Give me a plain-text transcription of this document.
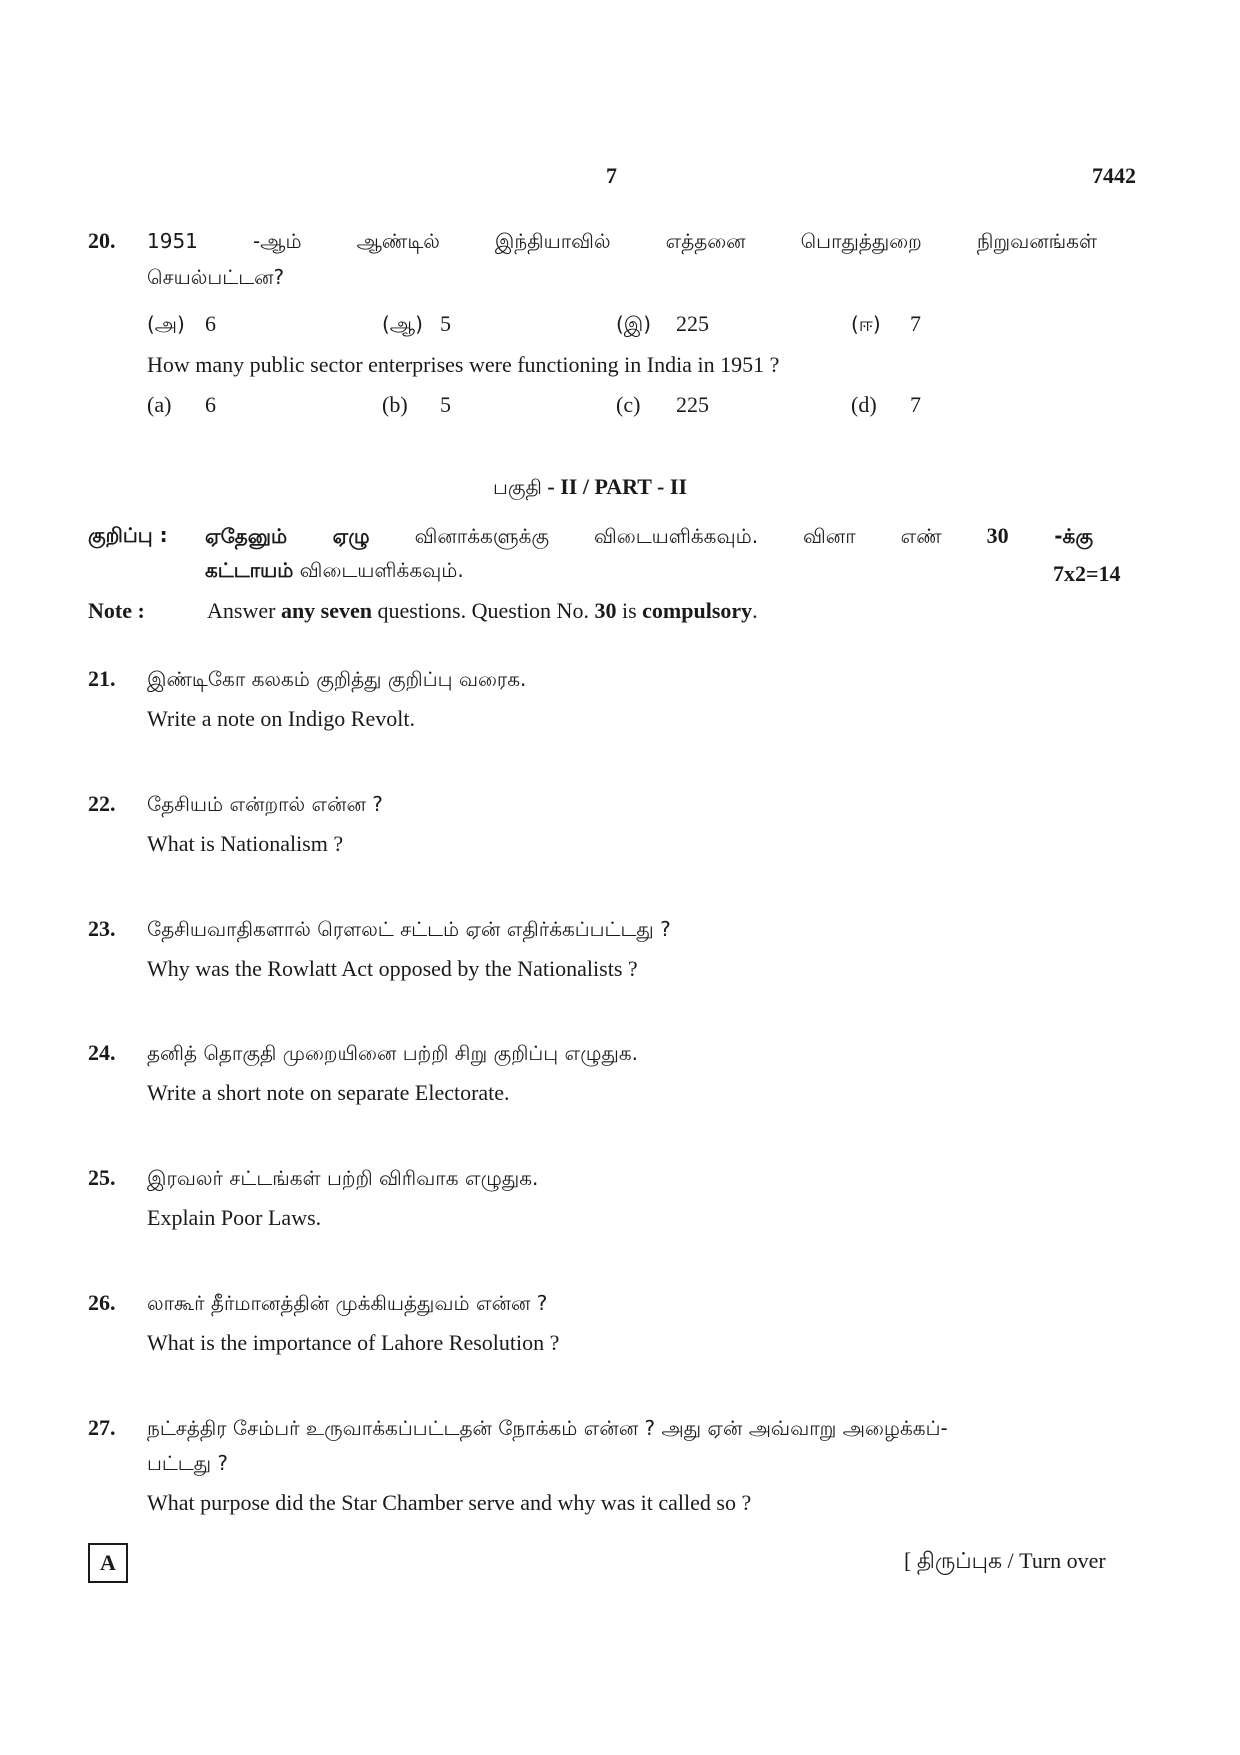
7	7442
20. 1951 -ஆம் ஆண்டில் இந்தியாவில் எத்தனை பொதுத்துறை நிறுவனங்கள்
செயல்பட்டன?
(அ) 6	(ஆ) 5	(இ) 225	(ஈ) 7
How many public sector enterprises were functioning in India in 1951 ?
(a) 6	(b) 5	(c) 225	(d) 7
பகுதி - II / PART - II
குறிப்பு : ஏதேனும் ஏழு வினாக்களுக்கு விடையளிக்கவும். வினா எண் 30 -க்கு
கட்டாயம் விடையளிக்கவும்.	7x2=14
Note :	Answer any seven questions. Question No. 30 is compulsory.
21. இண்டிகோ கலகம் குறித்து குறிப்பு வரைக.
Write a note on Indigo Revolt.
22. தேசியம் என்றால் என்ன ?
What is Nationalism ?
23. தேசியவாதிகளால் ரௌலட் சட்டம் ஏன் எதிர்க்கப்பட்டது ?
Why was the Rowlatt Act opposed by the Nationalists ?
24. தனித் தொகுதி முறையினை பற்றி சிறு குறிப்பு எழுதுக.
Write a short note on separate Electorate.
25. இரவலர் சட்டங்கள் பற்றி விரிவாக எழுதுக.
Explain Poor Laws.
26. லாகூர் தீர்மானத்தின் முக்கியத்துவம் என்ன ?
What is the importance of Lahore Resolution ?
27. நட்சத்திர சேம்பர் உருவாக்கப்பட்டதன் நோக்கம் என்ன ? அது ஏன் அவ்வாறு அழைக்கப்-
பட்டது ?
What purpose did the Star Chamber serve and why was it called so ?
A	[ திருப்புக / Turn over
